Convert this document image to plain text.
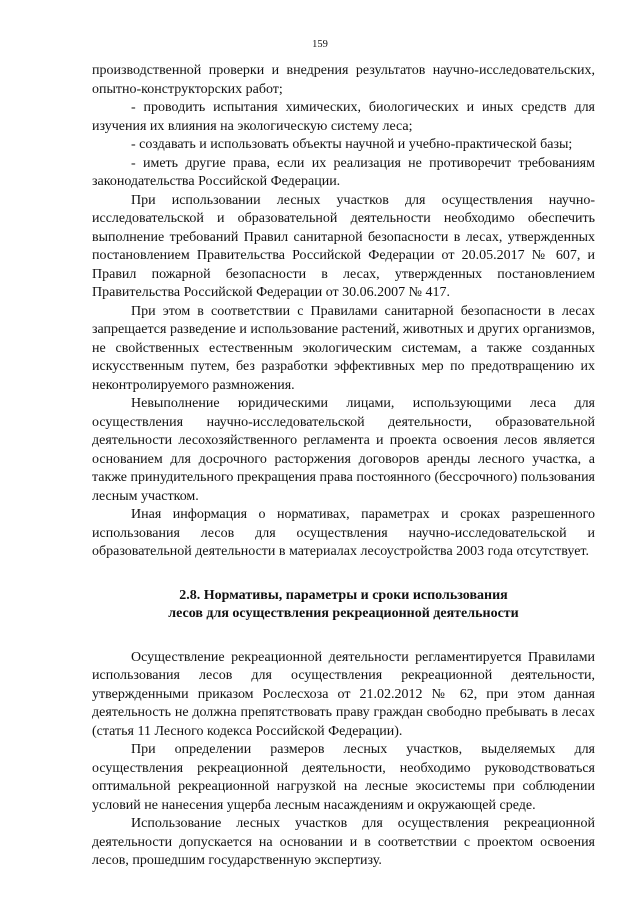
159

производственной проверки и внедрения результатов научно-исследовательских, опытно-конструкторских работ;

- проводить испытания химических, биологических и иных средств для изучения их влияния на экологическую систему леса;

- создавать и использовать объекты научной и учебно-практической базы;

- иметь другие права, если их реализация не противоречит требованиям законодательства Российской Федерации.

При использовании лесных участков для осуществления научно-исследовательской и образовательной деятельности необходимо обеспечить выполнение требований Правил санитарной безопасности в лесах, утвержденных постановлением Правительства Российской Федерации от 20.05.2017 № 607, и Правил пожарной безопасности в лесах, утвержденных постановлением Правительства Российской Федерации от 30.06.2007 № 417.

При этом в соответствии с Правилами санитарной безопасности в лесах запрещается разведение и использование растений, животных и других организмов, не свойственных естественным экологическим системам, а также созданных искусственным путем, без разработки эффективных мер по предотвращению их неконтролируемого размножения.

Невыполнение юридическими лицами, использующими леса для осуществления научно-исследовательской деятельности, образовательной деятельности лесохозяйственного регламента и проекта освоения лесов является основанием для досрочного расторжения договоров аренды лесного участка, а также принудительного прекращения права постоянного (бессрочного) пользования лесным участком.

Иная информация о нормативах, параметрах и сроках разрешенного использования лесов для осуществления научно-исследовательской и образовательной деятельности в материалах лесоустройства 2003 года отсутствует.

2.8. Нормативы, параметры и сроки использования
лесов для осуществления рекреационной деятельности

Осуществление рекреационной деятельности регламентируется Правилами использования лесов для осуществления рекреационной деятельности, утвержденными приказом Рослесхоза от 21.02.2012 № 62, при этом данная деятельность не должна препятствовать праву граждан свободно пребывать в лесах (статья 11 Лесного кодекса Российской Федерации).

При определении размеров лесных участков, выделяемых для осуществления рекреационной деятельности, необходимо руководствоваться оптимальной рекреационной нагрузкой на лесные экосистемы при соблюдении условий не нанесения ущерба лесным насаждениям и окружающей среде.

Использование лесных участков для осуществления рекреационной деятельности допускается на основании и в соответствии с проектом освоения лесов, прошедшим государственную экспертизу.
